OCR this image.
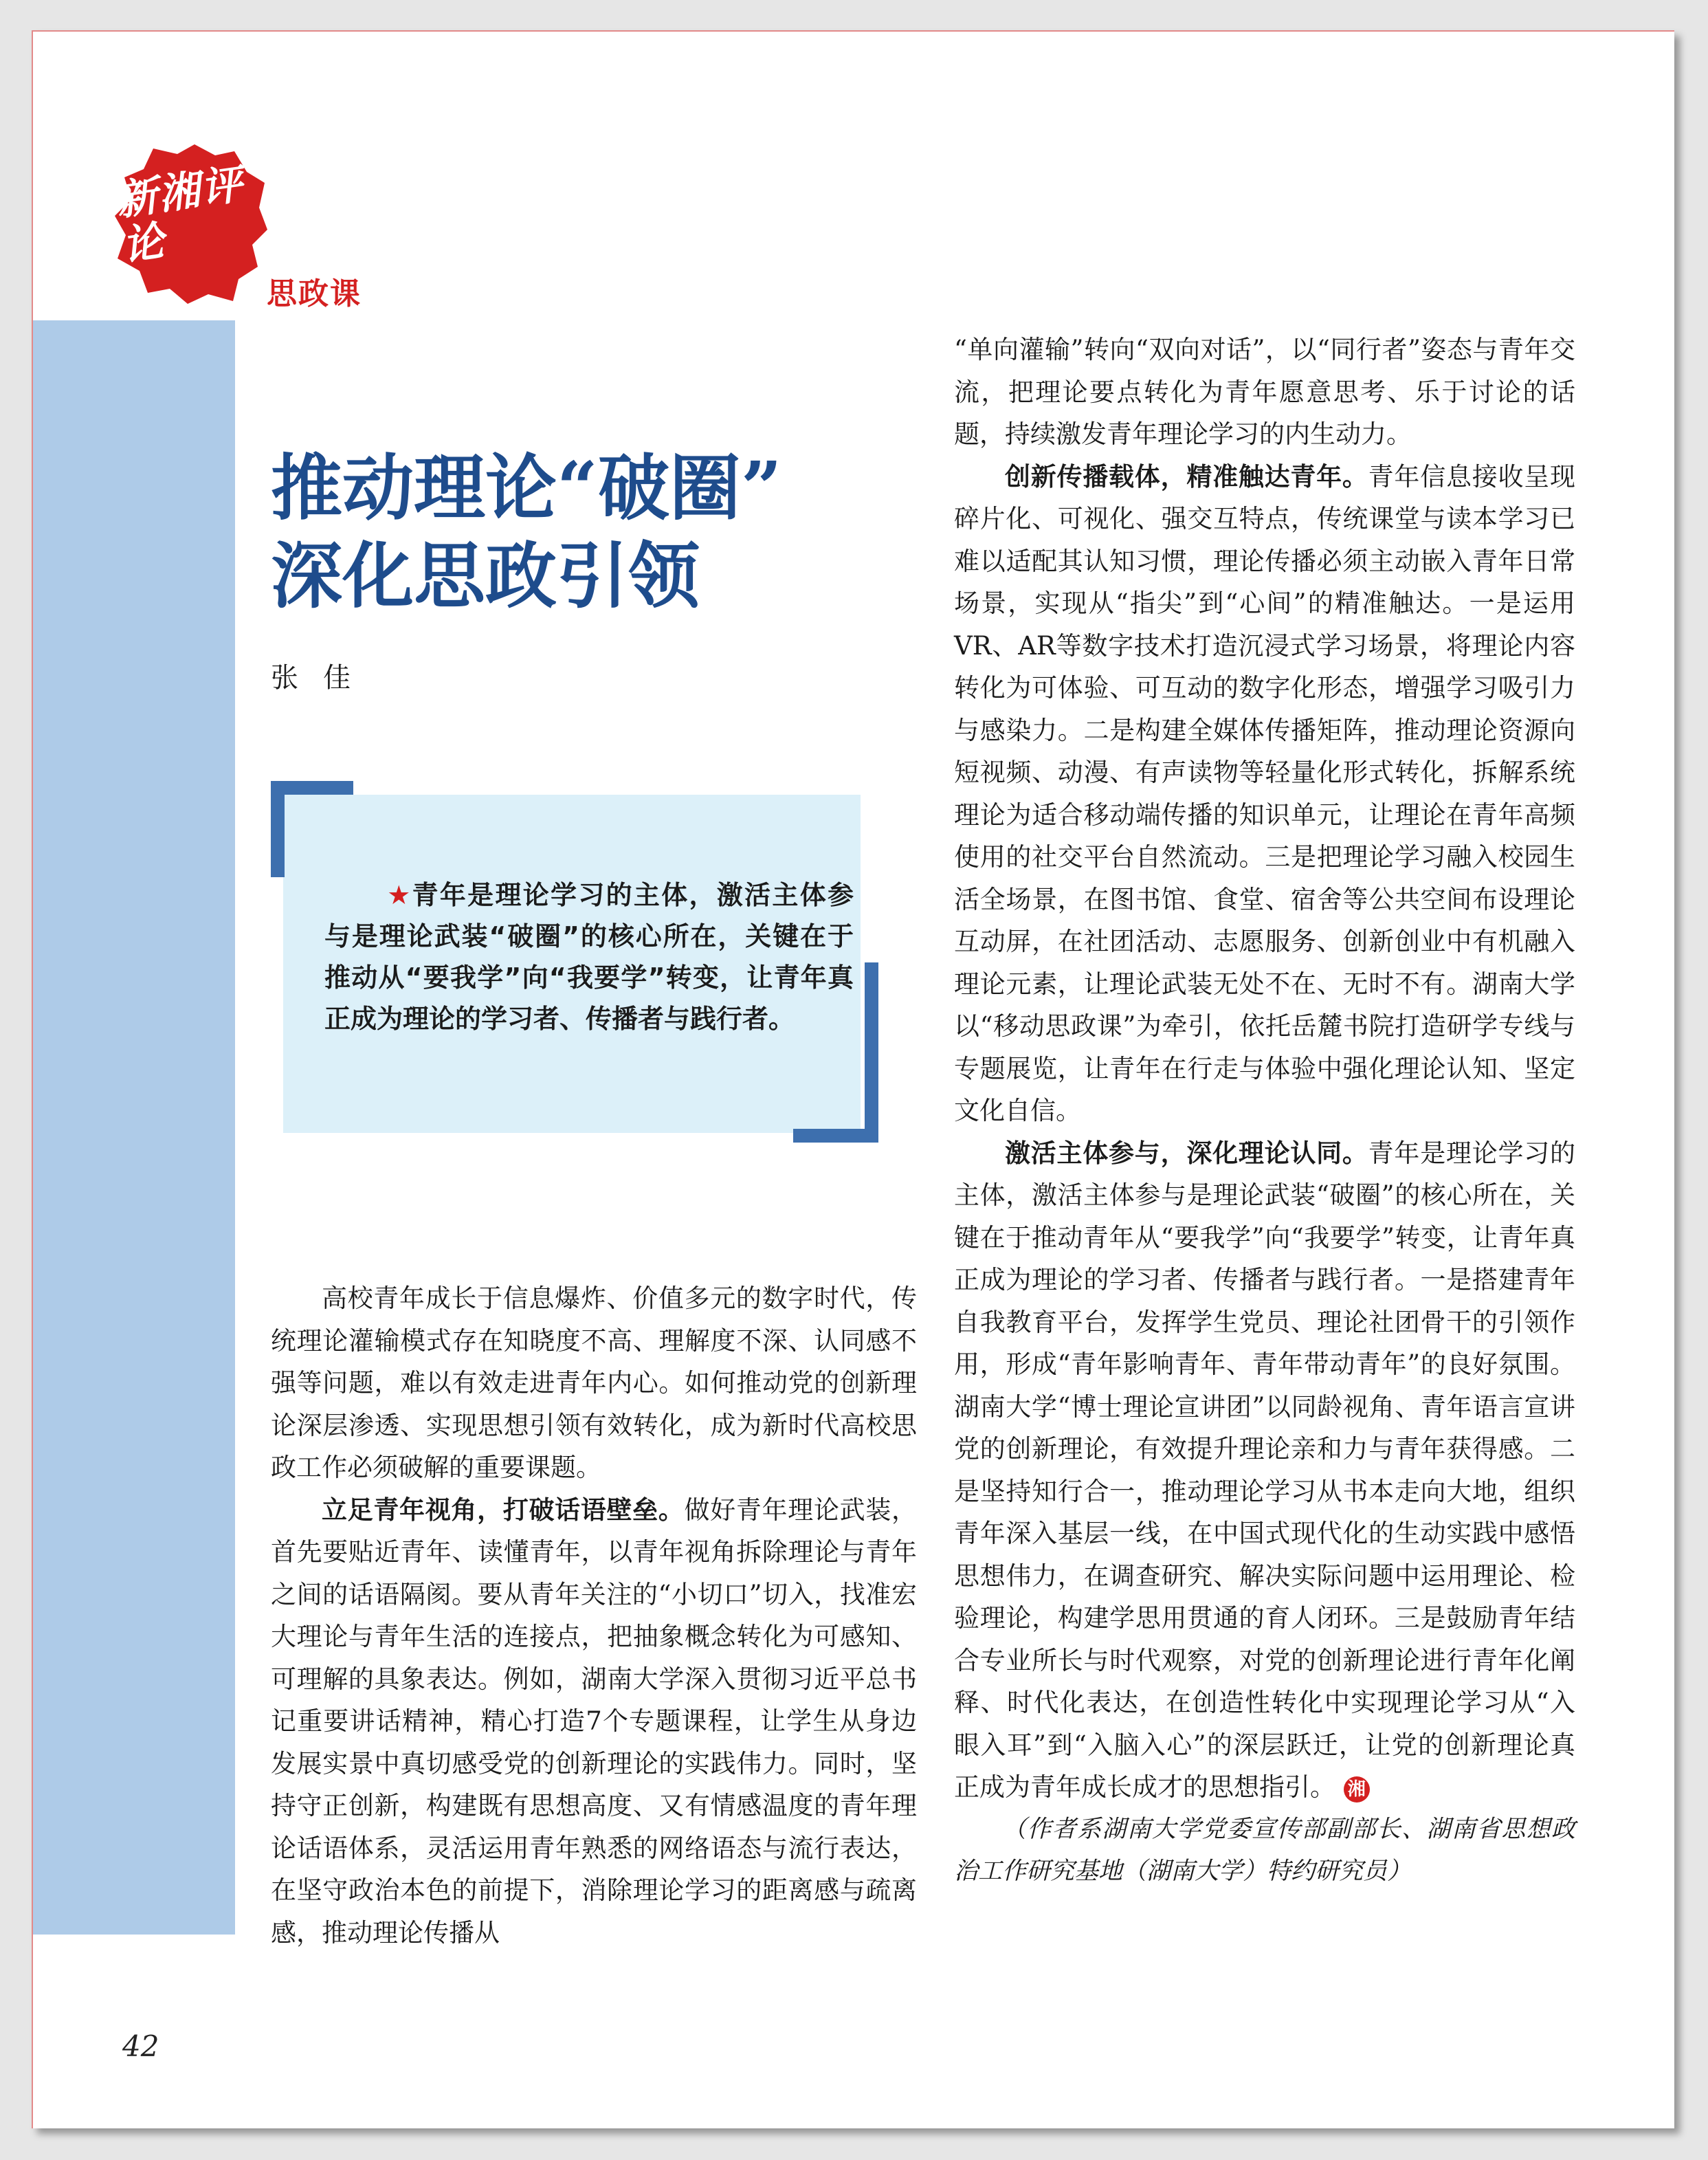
新湘评论
思政课
推动理论“破圈”
深化思政引领
张佳
★青年是理论学习的主体，激活主体参与是理论武装“破圈”的核心所在，关键在于推动从“要我学”向“我要学”转变，让青年真正成为理论的学习者、传播者与践行者。

高校青年成长于信息爆炸、价值多元的数字时代，传统理论灌输模式存在知晓度不高、理解度不深、认同感不强等问题，难以有效走进青年内心。如何推动党的创新理论深层渗透、实现思想引领有效转化，成为新时代高校思政工作必须破解的重要课题。

立足青年视角，打破话语壁垒。做好青年理论武装，首先要贴近青年、读懂青年，以青年视角拆除理论与青年之间的话语隔阂。要从青年关注的“小切口”切入，找准宏大理论与青年生活的连接点，把抽象概念转化为可感知、可理解的具象表达。例如，湖南大学深入贯彻习近平总书记重要讲话精神，精心打造7个专题课程，让学生从身边发展实景中真切感受党的创新理论的实践伟力。同时，坚持守正创新，构建既有思想高度、又有情感温度的青年理论话语体系，灵活运用青年熟悉的网络语态与流行表达，在坚守政治本色的前提下，消除理论学习的距离感与疏离感，推动理论传播从

“单向灌输”转向“双向对话”，以“同行者”姿态与青年交流，把理论要点转化为青年愿意思考、乐于讨论的话题，持续激发青年理论学习的内生动力。

创新传播载体，精准触达青年。青年信息接收呈现碎片化、可视化、强交互特点，传统课堂与读本学习已难以适配其认知习惯，理论传播必须主动嵌入青年日常场景，实现从“指尖”到“心间”的精准触达。一是运用VR、AR等数字技术打造沉浸式学习场景，将理论内容转化为可体验、可互动的数字化形态，增强学习吸引力与感染力。二是构建全媒体传播矩阵，推动理论资源向短视频、动漫、有声读物等轻量化形式转化，拆解系统理论为适合移动端传播的知识单元，让理论在青年高频使用的社交平台自然流动。三是把理论学习融入校园生活全场景，在图书馆、食堂、宿舍等公共空间布设理论互动屏，在社团活动、志愿服务、创新创业中有机融入理论元素，让理论武装无处不在、无时不有。湖南大学以“移动思政课”为牵引，依托岳麓书院打造研学专线与专题展览，让青年在行走与体验中强化理论认知、坚定文化自信。

激活主体参与，深化理论认同。青年是理论学习的主体，激活主体参与是理论武装“破圈”的核心所在，关键在于推动青年从“要我学”向“我要学”转变，让青年真正成为理论的学习者、传播者与践行者。一是搭建青年自我教育平台，发挥学生党员、理论社团骨干的引领作用，形成“青年影响青年、青年带动青年”的良好氛围。湖南大学“博士理论宣讲团”以同龄视角、青年语言宣讲党的创新理论，有效提升理论亲和力与青年获得感。二是坚持知行合一，推动理论学习从书本走向大地，组织青年深入基层一线，在中国式现代化的生动实践中感悟思想伟力，在调查研究、解决实际问题中运用理论、检验理论，构建学思用贯通的育人闭环。三是鼓励青年结合专业所长与时代观察，对党的创新理论进行青年化阐释、时代化表达，在创造性转化中实现理论学习从“入眼入耳”到“入脑入心”的深层跃迁，让党的创新理论真正成为青年成长成才的思想指引。 湘

（作者系湖南大学党委宣传部副部长、湖南省思想政治工作研究基地（湖南大学）特约研究员）

42
